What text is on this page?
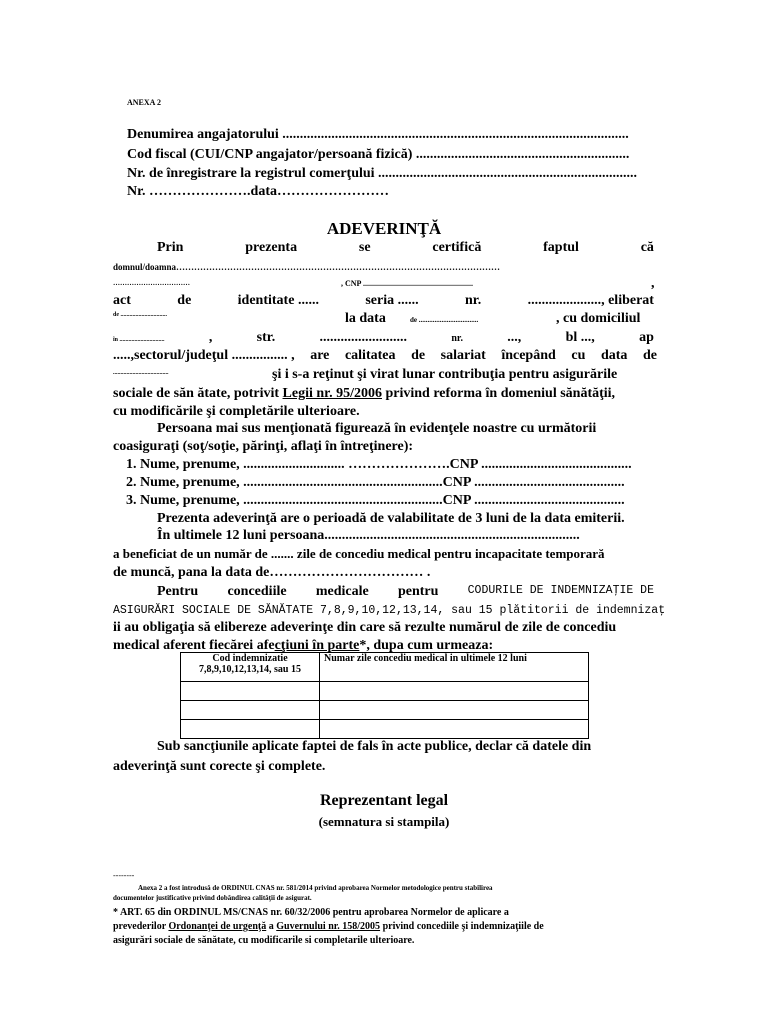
ANEXA 2
Denumirea angajatorului ...................................................................................................
Cod fiscal (CUI/CNP angajator/persoană fizică) .............................................................
Nr. de înregistrare la registrul comerţului ..........................................................................
Nr. ………………….data……………………
ADEVERINŢĂ
Prin	prezenta	se	certifică	faptul	că
domnul/doamna………………………………………………………………………………………………
……………………………	, CNP .......................................................	,
act	de	identitate ......	seria ......	nr.	....................., eliberat
de ...............................	la data	de ..................................	, cu domiciliul
în ..............................	,	str.	.........................	nr.	...,	bl ...,	ap
.....,sectorul/judeţul ................ , are calitatea de salariat începând cu data de
.....................................	şi i s-a reţinut şi virat lunar contribuţia pentru asigurările
sociale de săn ătate, potrivit Legii nr. 95/2006 privind reforma în domeniul sănătăţii,
cu modificările şi completările ulterioare.
Persoana mai sus menţionată figurează în evidenţele noastre cu următorii
coasiguraţi (soţ/soţie, părinţi, aflaţi în întreţinere):
1. Nume, prenume, ............................. ………………….CNP ...........................................
2. Nume, prenume, .........................................................CNP ...........................................
3. Nume, prenume, .........................................................CNP ...........................................
Prezenta adeverinţă are o perioadă de valabilitate de 3 luni de la data emiterii.
În ultimele 12 luni persoana.........................................................................
a beneficiat de un număr de ....... zile de concediu medical pentru incapacitate temporară
de muncă, pana la data de…………………………… .
Pentru concediile medicale pentru	CODURILE DE INDEMNIZAŢIE DE
ASIGURĂRI SOCIALE DE SĂNĂTATE 7,8,9,10,12,13,14, sau 15 plătitorii de indemnizaţ
ii au obligaţia să elibereze adeverinţe din care să rezulte numărul de zile de concediu
medical aferent fiecărei afecţiuni în parte*, dupa cum urmeaza:
Cod indemnizatie
7,8,9,10,12,13,14, sau 15	Numar zile concediu medical in ultimele 12 luni

Sub sancţiunile aplicate faptei de fals în acte publice, declar că datele din
adeverinţă sunt corecte şi complete.
Reprezentant legal
(semnatura si stampila)
--------
Anexa 2 a fost introdusă de ORDINUL CNAS nr. 581/2014 privind aprobarea Normelor metodologice pentru stabilirea
documentelor justificative privind dobândirea calităţii de asigurat.
* ART. 65 din ORDINUL MS/CNAS nr. 60/32/2006 pentru aprobarea Normelor de aplicare a
prevederilor Ordonanţei de urgenţă a Guvernului nr. 158/2005 privind concediile şi indemnizaţiile de
asigurări sociale de sănătate, cu modificarile si completarile ulterioare.
